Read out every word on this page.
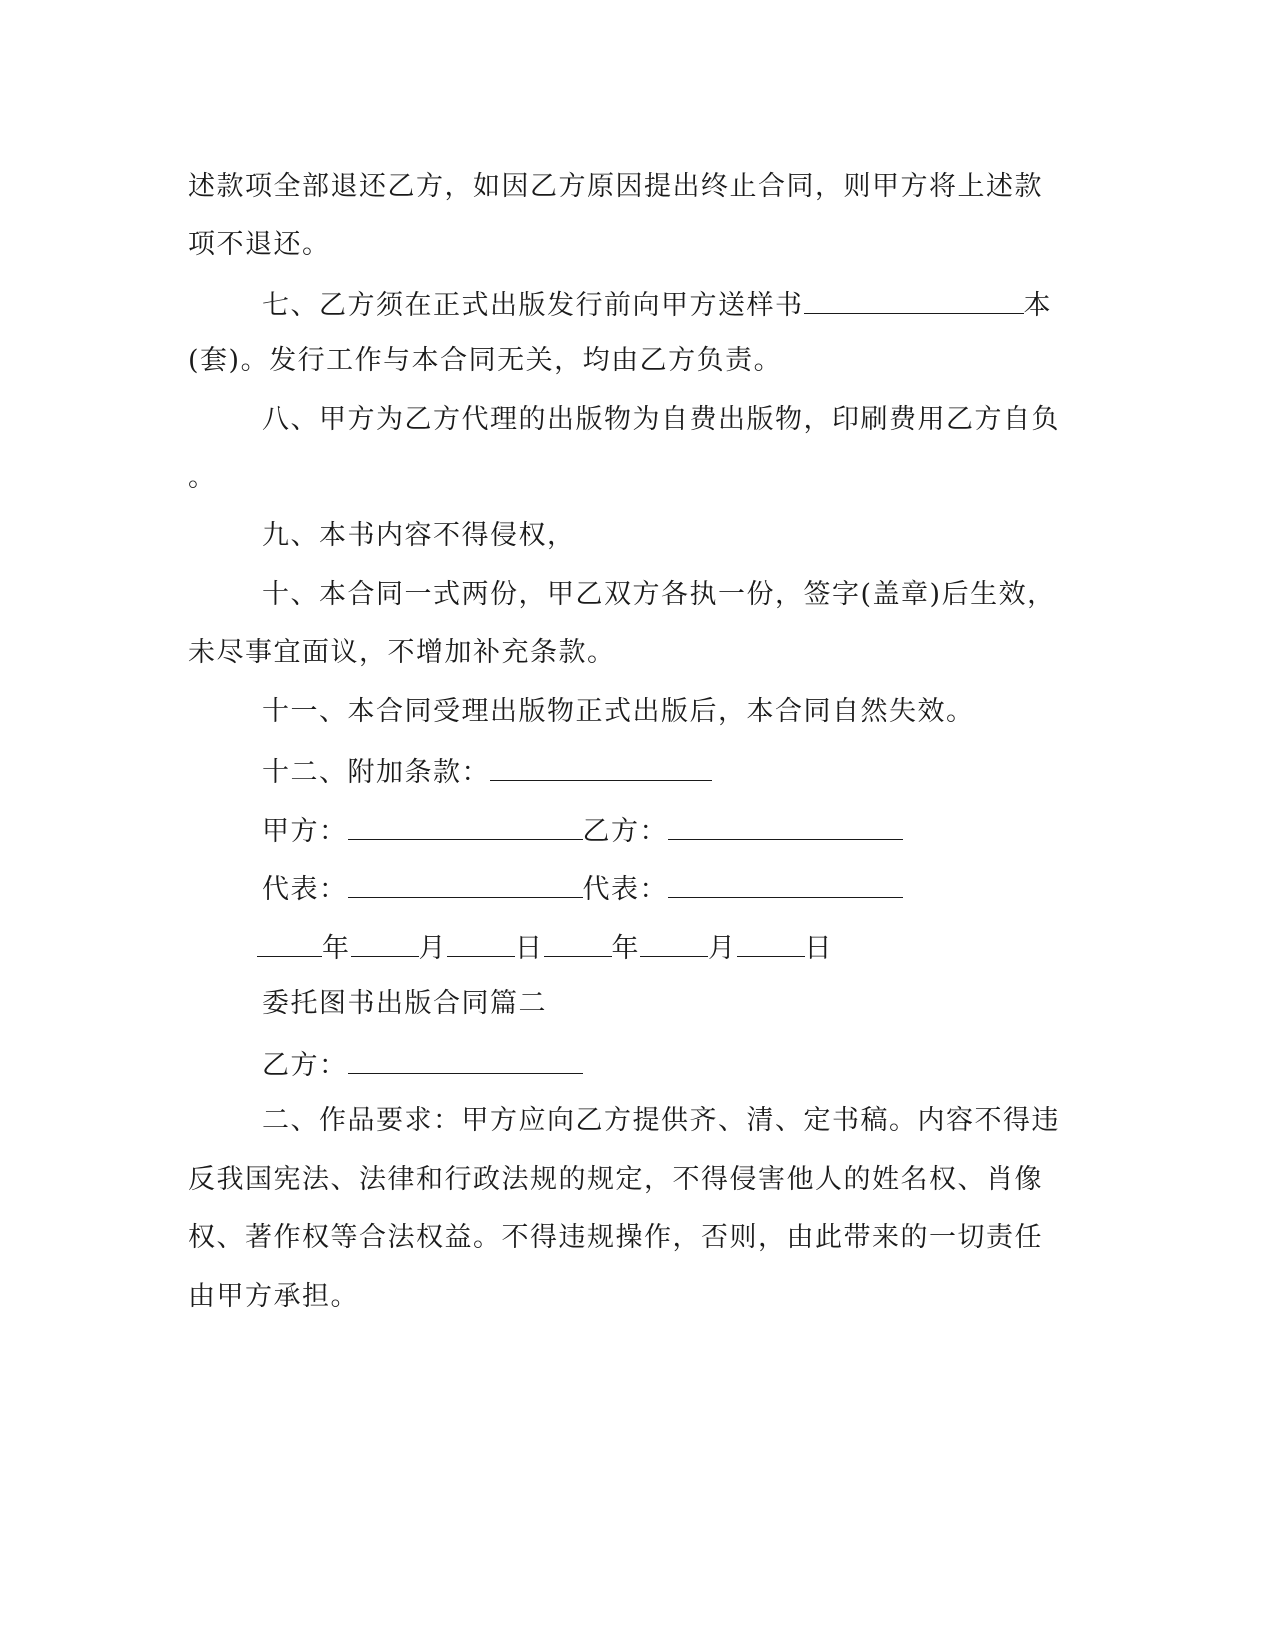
述款项全部退还乙方，如因乙方原因提出终止合同，则甲方将上述款
项不退还。
七、乙方须在正式出版发行前向甲方送样书	本
(套)。发行工作与本合同无关，均由乙方负责。
八、甲方为乙方代理的出版物为自费出版物，印刷费用乙方自负
。
九、本书内容不得侵权，
十、本合同一式两份，甲乙双方各执一份，签字(盖章)后生效，
未尽事宜面议，不增加补充条款。
十一、本合同受理出版物正式出版后，本合同自然失效。
十二、附加条款：
甲方：	乙方：
代表：	代表：
年	月	日	年	月	日
委托图书出版合同篇二
乙方：
二、作品要求：甲方应向乙方提供齐、清、定书稿。内容不得违
反我国宪法、法律和行政法规的规定，不得侵害他人的姓名权、肖像
权、著作权等合法权益。不得违规操作，否则，由此带来的一切责任
由甲方承担。
